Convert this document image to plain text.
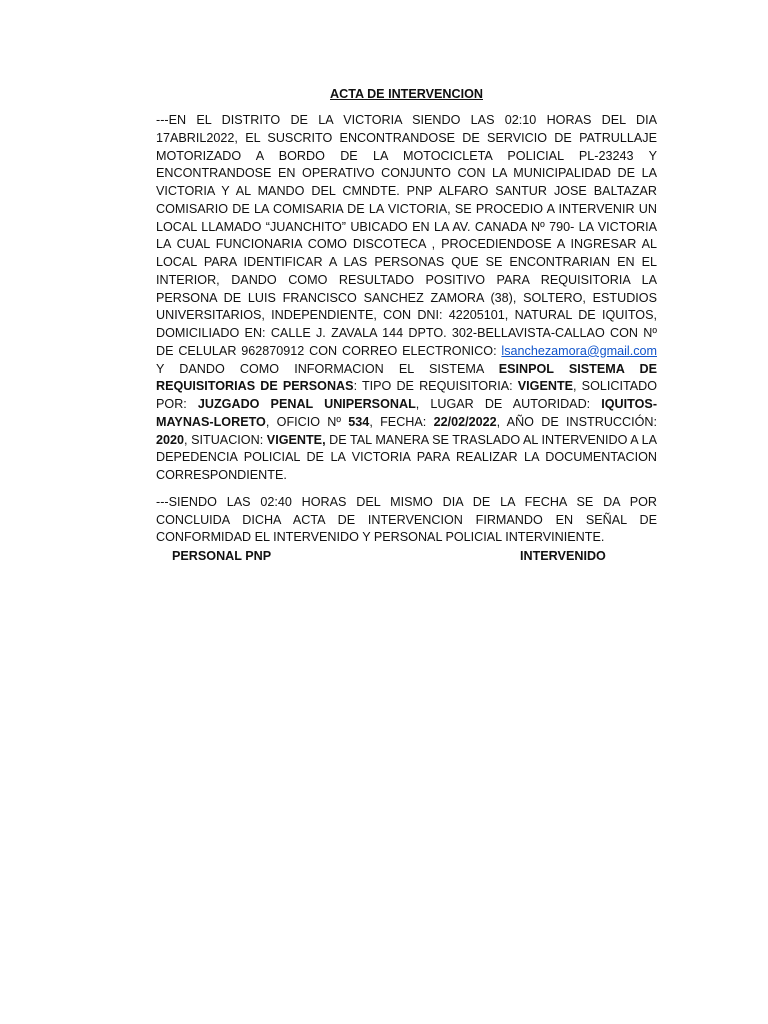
ACTA DE INTERVENCION

---EN EL DISTRITO DE LA VICTORIA SIENDO LAS 02:10 HORAS DEL DIA 17ABRIL2022, EL SUSCRITO ENCONTRANDOSE DE SERVICIO DE PATRULLAJE MOTORIZADO A BORDO DE LA MOTOCICLETA POLICIAL PL-23243 Y ENCONTRANDOSE EN OPERATIVO CONJUNTO CON LA MUNICIPALIDAD DE LA VICTORIA Y AL MANDO DEL CMNDTE. PNP ALFARO SANTUR JOSE BALTAZAR COMISARIO DE LA COMISARIA DE LA VICTORIA, SE PROCEDIO A INTERVENIR UN LOCAL LLAMADO “JUANCHITO” UBICADO EN LA AV. CANADA Nº 790- LA VICTORIA LA CUAL FUNCIONARIA COMO DISCOTECA , PROCEDIENDOSE A INGRESAR AL LOCAL PARA IDENTIFICAR A LAS PERSONAS QUE SE ENCONTRARIAN EN EL INTERIOR, DANDO COMO RESULTADO POSITIVO PARA REQUISITORIA LA PERSONA DE LUIS FRANCISCO SANCHEZ ZAMORA (38), SOLTERO, ESTUDIOS UNIVERSITARIOS, INDEPENDIENTE, CON DNI: 42205101, NATURAL DE IQUITOS, DOMICILIADO EN: CALLE J. ZAVALA 144 DPTO. 302-BELLAVISTA-CALLAO CON Nº DE CELULAR 962870912 CON CORREO ELECTRONICO: lsanchezamora@gmail.com Y DANDO COMO INFORMACION EL SISTEMA ESINPOL SISTEMA DE REQUISITORIAS DE PERSONAS: TIPO DE REQUISITORIA: VIGENTE, SOLICITADO POR: JUZGADO PENAL UNIPERSONAL, LUGAR DE AUTORIDAD: IQUITOS-MAYNAS-LORETO, OFICIO Nº 534, FECHA: 22/02/2022, AÑO DE INSTRUCCIÓN: 2020, SITUACION: VIGENTE, DE TAL MANERA SE TRASLADO AL INTERVENIDO A LA DEPEDENCIA POLICIAL DE LA VICTORIA PARA REALIZAR LA DOCUMENTACION CORRESPONDIENTE.

---SIENDO LAS 02:40 HORAS DEL MISMO DIA DE LA FECHA SE DA POR CONCLUIDA DICHA ACTA DE INTERVENCION FIRMANDO EN SEÑAL DE CONFORMIDAD EL INTERVENIDO Y PERSONAL POLICIAL INTERVINIENTE.

PERSONAL PNP	INTERVENIDO
